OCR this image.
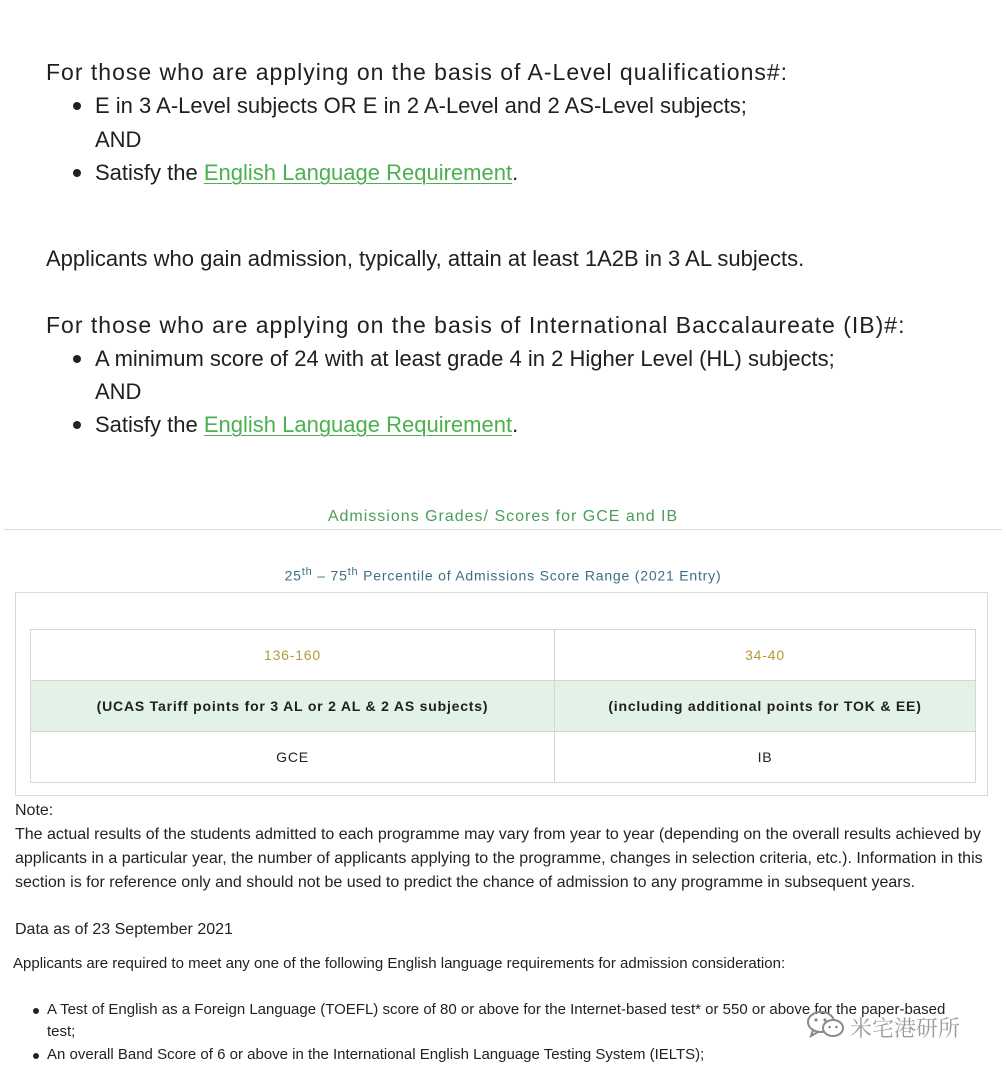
For those who are applying on the basis of A-Level qualifications#:
E in 3 A-Level subjects OR E in 2 A-Level and 2 AS-Level subjects;
AND
Satisfy the English Language Requirement.
Applicants who gain admission, typically, attain at least 1A2B in 3 AL subjects.
For those who are applying on the basis of International Baccalaureate (IB)#:
A minimum score of 24 with at least grade 4 in 2 Higher Level (HL) subjects;
AND
Satisfy the English Language Requirement.
Admissions Grades/ Scores for GCE and IB
25th – 75th Percentile of Admissions Score Range (2021 Entry)
136-160	34-40
(UCAS Tariff points for 3 AL or 2 AL & 2 AS subjects)	(including additional points for TOK & EE)
GCE	IB
Note:
The actual results of the students admitted to each programme may vary from year to year (depending on the overall results achieved by applicants in a particular year, the number of applicants applying to the programme, changes in selection criteria, etc.). Information in this section is for reference only and should not be used to predict the chance of admission to any programme in subsequent years.
Data as of 23 September 2021
Applicants are required to meet any one of the following English language requirements for admission consideration:
A Test of English as a Foreign Language (TOEFL) score of 80 or above for the Internet-based test* or 550 or above for the paper-based
test;
An overall Band Score of 6 or above in the International English Language Testing System (IELTS);
米宅港研所
